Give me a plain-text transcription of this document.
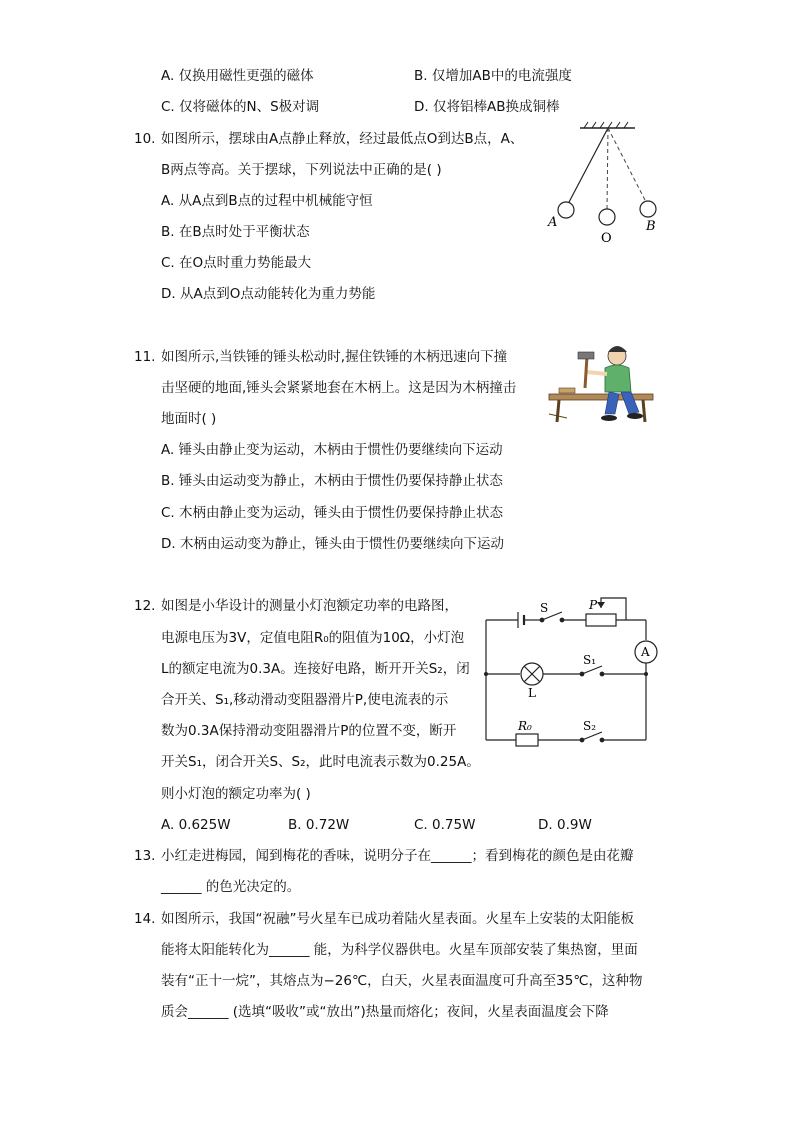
A. 仅换用磁性更强的磁体	B. 仅增加AB中的电流强度
C. 仅将磁体的N、S极对调	D. 仅将铝棒AB换成铜棒
10. 如图所示，摆球由A点静止释放，经过最低点O到达B点，A、
B两点等高。关于摆球，下列说法中正确的是( )
A. 从A点到B点的过程中机械能守恒
B. 在B点时处于平衡状态
C. 在O点时重力势能最大
D. 从A点到O点动能转化为重力势能
A
O
B
11. 如图所示,当铁锤的锤头松动时,握住铁锤的木柄迅速向下撞
击坚硬的地面,锤头会紧紧地套在木柄上。这是因为木柄撞击
地面时( )
A. 锤头由静止变为运动，木柄由于惯性仍要继续向下运动
B. 锤头由运动变为静止，木柄由于惯性仍要保持静止状态
C. 木柄由静止变为运动，锤头由于惯性仍要保持静止状态
D. 木柄由运动变为静止，锤头由于惯性仍要继续向下运动
12. 如图是小华设计的测量小灯泡额定功率的电路图，
电源电压为3V，定值电阻R₀的阻值为10Ω，小灯泡
L的额定电流为0.3A。连接好电路，断开开关S₂，闭
合开关、S₁,移动滑动变阻器滑片P,使电流表的示
数为0.3A保持滑动变阻器滑片P的位置不变，断开
开关S₁，闭合开关S、S₂，此时电流表示数为0.25A。
则小灯泡的额定功率为( )
A. 0.625W	B. 0.72W	C. 0.75W	D. 0.9W
S	P
A
S₁
L
R₀	S₂
13. 小红走进梅园，闻到梅花的香味，说明分子在______；看到梅花的颜色是由花瓣
______ 的色光决定的。
14. 如图所示，我国“祝融”号火星车已成功着陆火星表面。火星车上安装的太阳能板
能将太阳能转化为______ 能，为科学仪器供电。火星车顶部安装了集热窗，里面
装有“正十一烷”，其熔点为−26℃，白天，火星表面温度可升高至35℃，这种物
质会______ (选填“吸收”或“放出”)热量而熔化；夜间，火星表面温度会下降
